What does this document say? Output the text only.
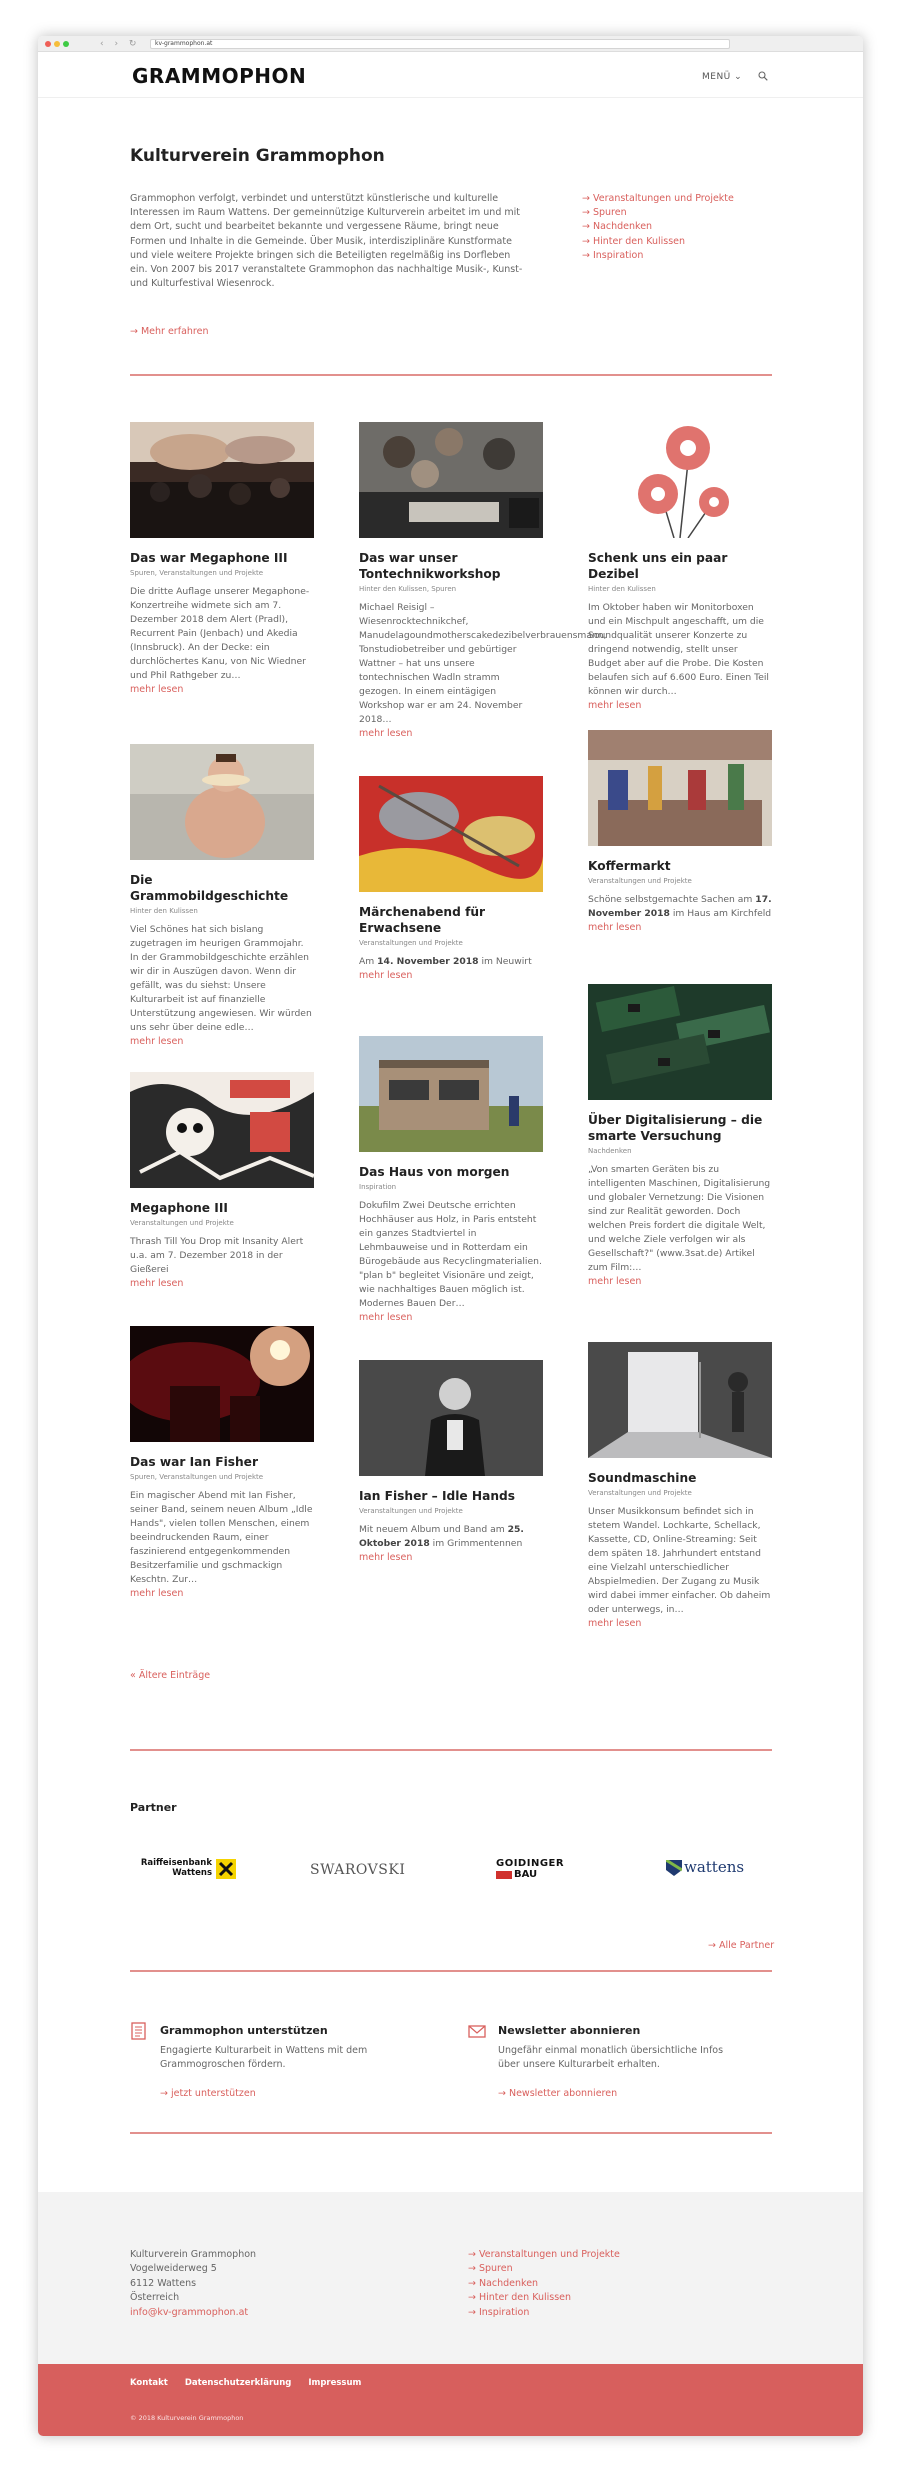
‹ › ↻	kv-grammophon.at
GRAMMOPHON	MENÜ ⌄
Kulturverein Grammophon

Grammophon verfolgt, verbindet und unterstützt künstlerische und kulturelle Interessen im Raum Wattens. Der gemeinnützige Kulturverein arbeitet im und mit dem Ort, sucht und bearbeitet bekannte und vergessene Räume, bringt neue Formen und Inhalte in die Gemeinde. Über Musik, interdisziplinäre Kunstformate und viele weitere Projekte bringen sich die Beteiligten regelmäßig ins Dorfleben ein. Von 2007 bis 2017 veranstaltete Grammophon das nachhaltige Musik-, Kunst- und Kulturfestival Wiesenrock.

→ Mehr erfahren
→ Veranstaltungen und Projekte
→ Spuren
→ Nachdenken
→ Hinter den Kulissen
→ Inspiration
Das war Megaphone III
Spuren, Veranstaltungen und Projekte
Die dritte Auflage unserer Megaphone-Konzertreihe widmete sich am 7. Dezember 2018 dem Alert (Pradl), Recurrent Pain (Jenbach) und Akedia (Innsbruck). An der Decke: ein durchlöchertes Kanu, von Nic Wiedner und Phil Rathgeber zu…
mehr lesen
Die Grammobildgeschichte
Hinter den Kulissen
Viel Schönes hat sich bislang zugetragen im heurigen Grammojahr. In der Grammobildgeschichte erzählen wir dir in Auszügen davon. Wenn dir gefällt, was du siehst: Unsere Kulturarbeit ist auf finanzielle Unterstützung angewiesen. Wir würden uns sehr über deine edle…
mehr lesen
Megaphone III
Veranstaltungen und Projekte
Thrash Till You Drop mit Insanity Alert u.a. am 7. Dezember 2018 in der Gießerei
mehr lesen
Das war Ian Fisher
Spuren, Veranstaltungen und Projekte
Ein magischer Abend mit Ian Fisher, seiner Band, seinem neuen Album „Idle Hands", vielen tollen Menschen, einem beeindruckenden Raum, einer faszinierend entgegenkommenden Besitzerfamilie und gschmackign Keschtn. Zur…
mehr lesen
Das war unser Tontechnikworkshop
Hinter den Kulissen, Spuren
Michael Reisigl – Wiesenrocktechnikchef, Manudelagoundmotherscakedezibelverbrauensmann, Tonstudiobetreiber und gebürtiger Wattner – hat uns unsere tontechnischen Wadln stramm gezogen. In einem eintägigen Workshop war er am 24. November 2018…
mehr lesen
Märchenabend für Erwachsene
Veranstaltungen und Projekte
Am 14. November 2018 im Neuwirt
mehr lesen
Das Haus von morgen
Inspiration
Dokufilm Zwei Deutsche errichten Hochhäuser aus Holz, in Paris entsteht ein ganzes Stadtviertel in Lehmbauweise und in Rotterdam ein Bürogebäude aus Recyclingmaterialien. "plan b" begleitet Visionäre und zeigt, wie nachhaltiges Bauen möglich ist. Modernes Bauen Der…
mehr lesen
Ian Fisher – Idle Hands
Veranstaltungen und Projekte
Mit neuem Album und Band am 25. Oktober 2018 im Grimmentennen
mehr lesen
Schenk uns ein paar Dezibel
Hinter den Kulissen
Im Oktober haben wir Monitorboxen und ein Mischpult angeschafft, um die Soundqualität unserer Konzerte zu dringend notwendig, stellt unser Budget aber auf die Probe. Die Kosten belaufen sich auf 6.600 Euro. Einen Teil können wir durch…
mehr lesen
Koffermarkt
Veranstaltungen und Projekte
Schöne selbstgemachte Sachen am 17. November 2018 im Haus am Kirchfeld
mehr lesen
Über Digitalisierung – die smarte Versuchung
Nachdenken
„Von smarten Geräten bis zu intelligenten Maschinen, Digitalisierung und globaler Vernetzung: Die Visionen sind zur Realität geworden. Doch welchen Preis fordert die digitale Welt, und welche Ziele verfolgen wir als Gesellschaft?" (www.3sat.de) Artikel zum Film:…
mehr lesen
Soundmaschine
Veranstaltungen und Projekte
Unser Musikkonsum befindet sich in stetem Wandel. Lochkarte, Schellack, Kassette, CD, Online-Streaming: Seit dem späten 18. Jahrhundert entstand eine Vielzahl unterschiedlicher Abspielmedien. Der Zugang zu Musik wird dabei immer einfacher. Ob daheim oder unterwegs, in…
mehr lesen
« Ältere Einträge
Partner
Raiffeisenbank
Wattens	SWAROVSKI	GOIDINGER
BAU	wattens
→ Alle Partner
Grammophon unterstützen
Engagierte Kulturarbeit in Wattens mit dem Grammogroschen fördern.
→ jetzt unterstützen
Newsletter abonnieren
Ungefähr einmal monatlich übersichtliche Infos über unsere Kulturarbeit erhalten.
→ Newsletter abonnieren
Kulturverein Grammophon
Vogelweiderweg 5
6112 Wattens
Österreich
info@kv-grammophon.at
→ Veranstaltungen und Projekte
→ Spuren
→ Nachdenken
→ Hinter den Kulissen
→ Inspiration
Kontakt Datenschutzerklärung Impressum
© 2018 Kulturverein Grammophon
